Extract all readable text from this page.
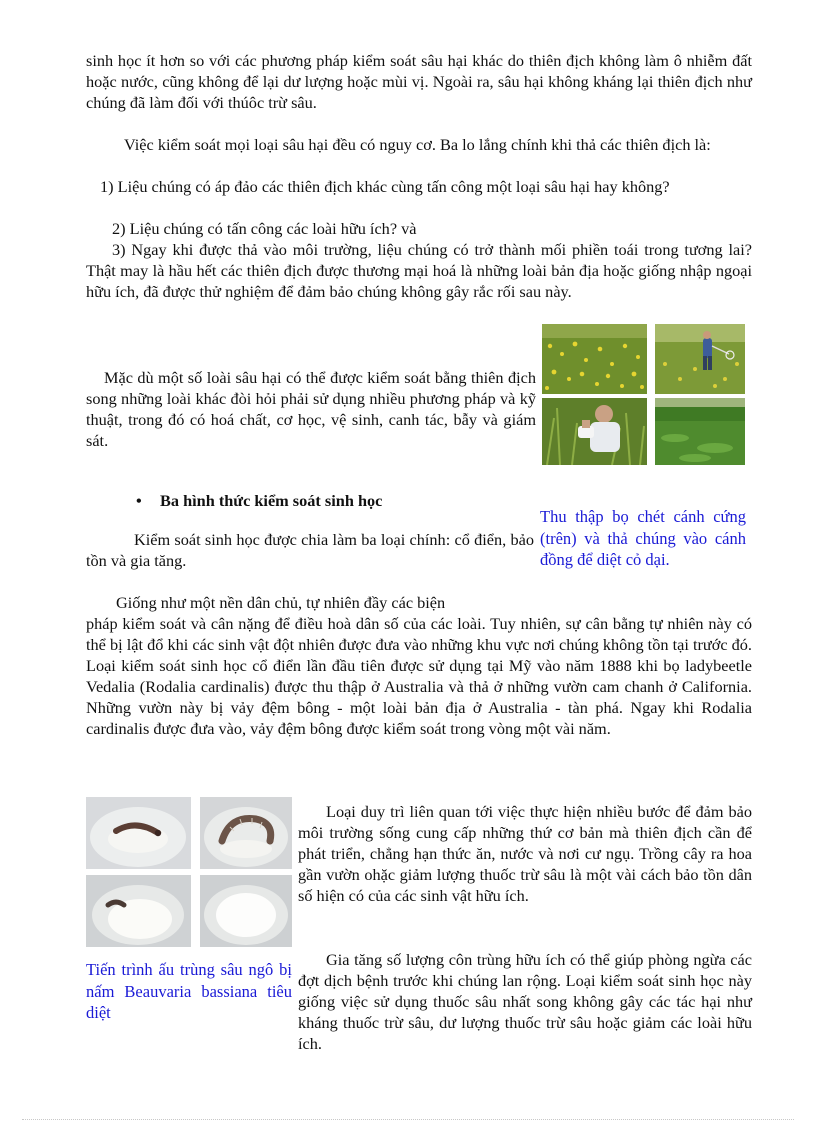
sinh học ít hơn so với các phương pháp kiểm soát sâu hại khác do thiên địch không làm ô nhiễm đất hoặc nước, cũng không để lại dư lượng hoặc mùi vị. Ngoài ra, sâu hại không kháng lại thiên địch như chúng đã làm đối với thúôc trừ sâu.

Việc kiểm soát mọi loại sâu hại đều có nguy cơ. Ba lo lắng chính khi thả các thiên địch là:

1) Liệu chúng có áp đảo các thiên địch khác cùng tấn công một loại sâu hại hay không?

2) Liệu chúng có tấn công các loài hữu ích? và

3) Ngay khi được thả vào môi trường, liệu chúng có trở thành mối phiền toái trong tương lai? Thật may là hầu hết các thiên địch được thương mại hoá là những loài bản địa hoặc giống nhập ngoại hữu ích, đã được thử nghiệm để đảm bảo chúng không gây rắc rối sau này.

Mặc dù một số loài sâu hại có thể được kiểm soát bằng thiên địch song những loài khác đòi hỏi phải sử dụng nhiều phương pháp và kỹ thuật, trong đó có hoá chất, cơ học, vệ sinh, canh tác, bẫy và giám sát.

Thu thập bọ chét cánh cứng (trên) và thả chúng vào cánh đồng để diệt cỏ dại.

• Ba hình thức kiểm soát sinh học

Kiểm soát sinh học được chia làm ba loại chính: cổ điển, bảo tồn và gia tăng.

Giống như một nền dân chủ, tự nhiên đầy các biện

pháp kiểm soát và cân nặng để điều hoà dân số của các loài. Tuy nhiên, sự cân bằng tự nhiên này có thể bị lật đổ khi các sinh vật đột nhiên được đưa vào những khu vực nơi chúng không tồn tại trước đó. Loại kiểm soát sinh học cổ điển lần đầu tiên được sử dụng tại Mỹ vào năm 1888 khi bọ ladybeetle Vedalia (Rodalia cardinalis) được thu thập ở Australia và thả ở những vườn cam chanh ở California. Những vườn này bị vảy đệm bông - một loài bản địa ở Australia - tàn phá. Ngay khi Rodalia cardinalis được đưa vào, vảy đệm bông được kiểm soát trong vòng một vài năm.

Tiến trình ấu trùng sâu ngô bị nấm Beauvaria bassiana tiêu diệt

Loại duy trì liên quan tới việc thực hiện nhiều bước để đảm bảo môi trường sống cung cấp những thứ cơ bản mà thiên địch cần để phát triển, chẳng hạn thức ăn, nước và nơi cư ngụ. Trồng cây ra hoa gần vườn ohặc giảm lượng thuốc trừ sâu là một vài cách bảo tồn dân số hiện có của các sinh vật hữu ích.

Gia tăng số lượng côn trùng hữu ích có thể giúp phòng ngừa các đợt dịch bệnh trước khi chúng lan rộng. Loại kiểm soát sinh học này giống việc sử dụng thuốc sâu nhất song không gây các tác hại như kháng thuốc trừ sâu, dư lượng thuốc trừ sâu hoặc giảm các loài hữu ích.
